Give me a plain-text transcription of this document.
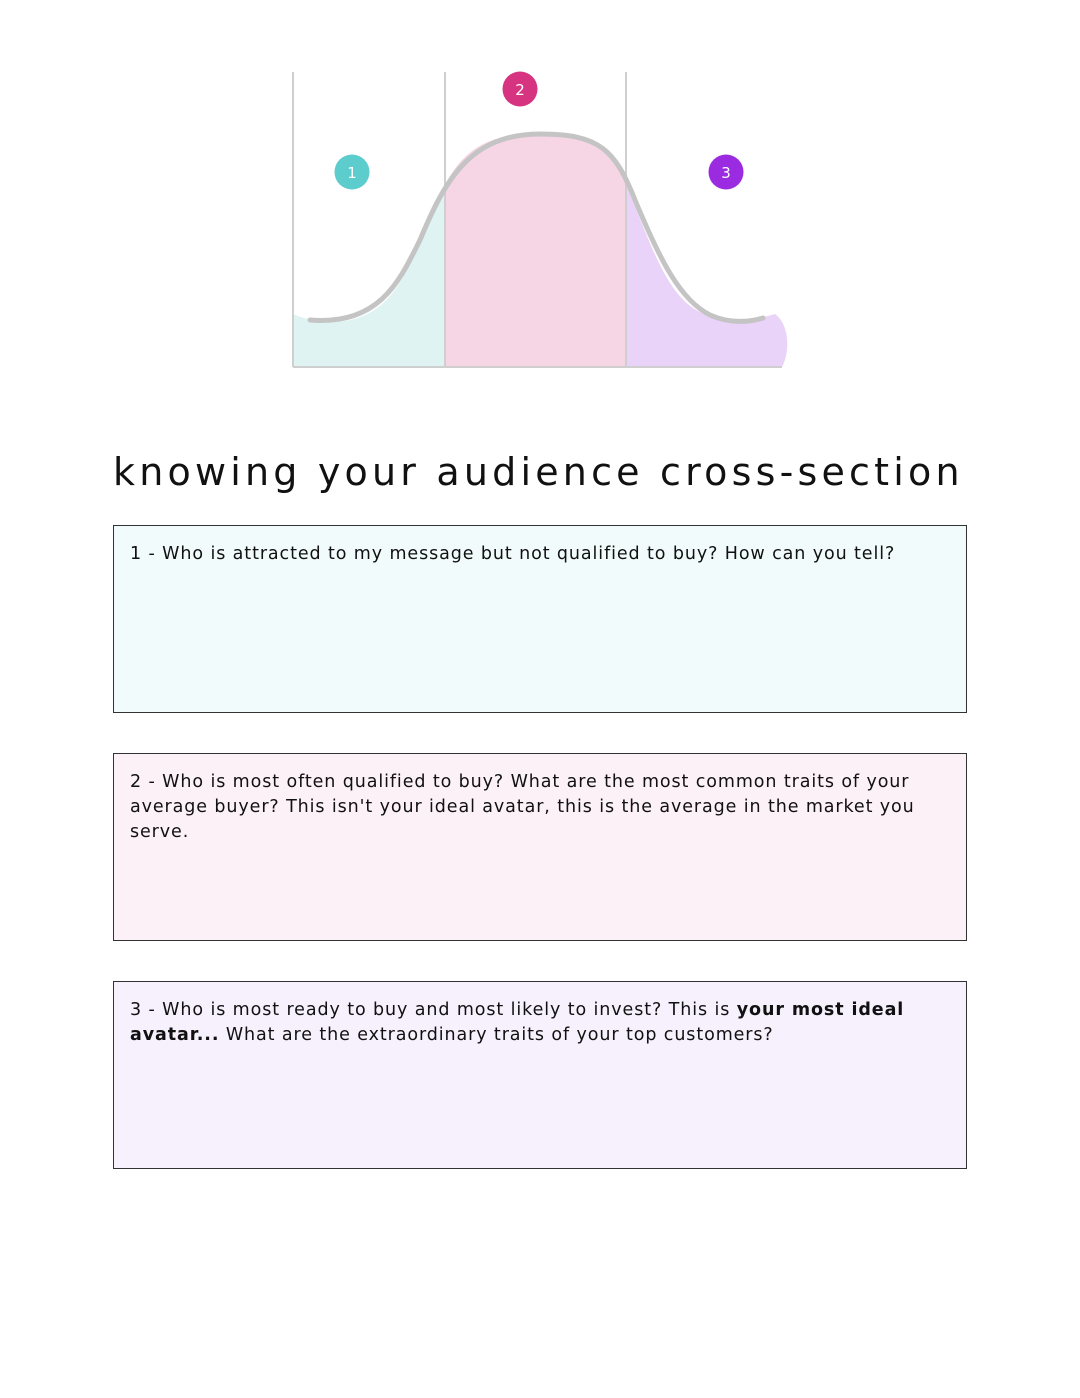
1
2
3
knowing your audience cross-section

1 - Who is attracted to my message but not qualified to buy? How can you tell?

2 - Who is most often qualified to buy? What are the most common traits of your average buyer? This isn't your ideal avatar, this is the average in the market you serve.

3 - Who is most ready to buy and most likely to invest? This is your most ideal avatar... What are the extraordinary traits of your top customers?
